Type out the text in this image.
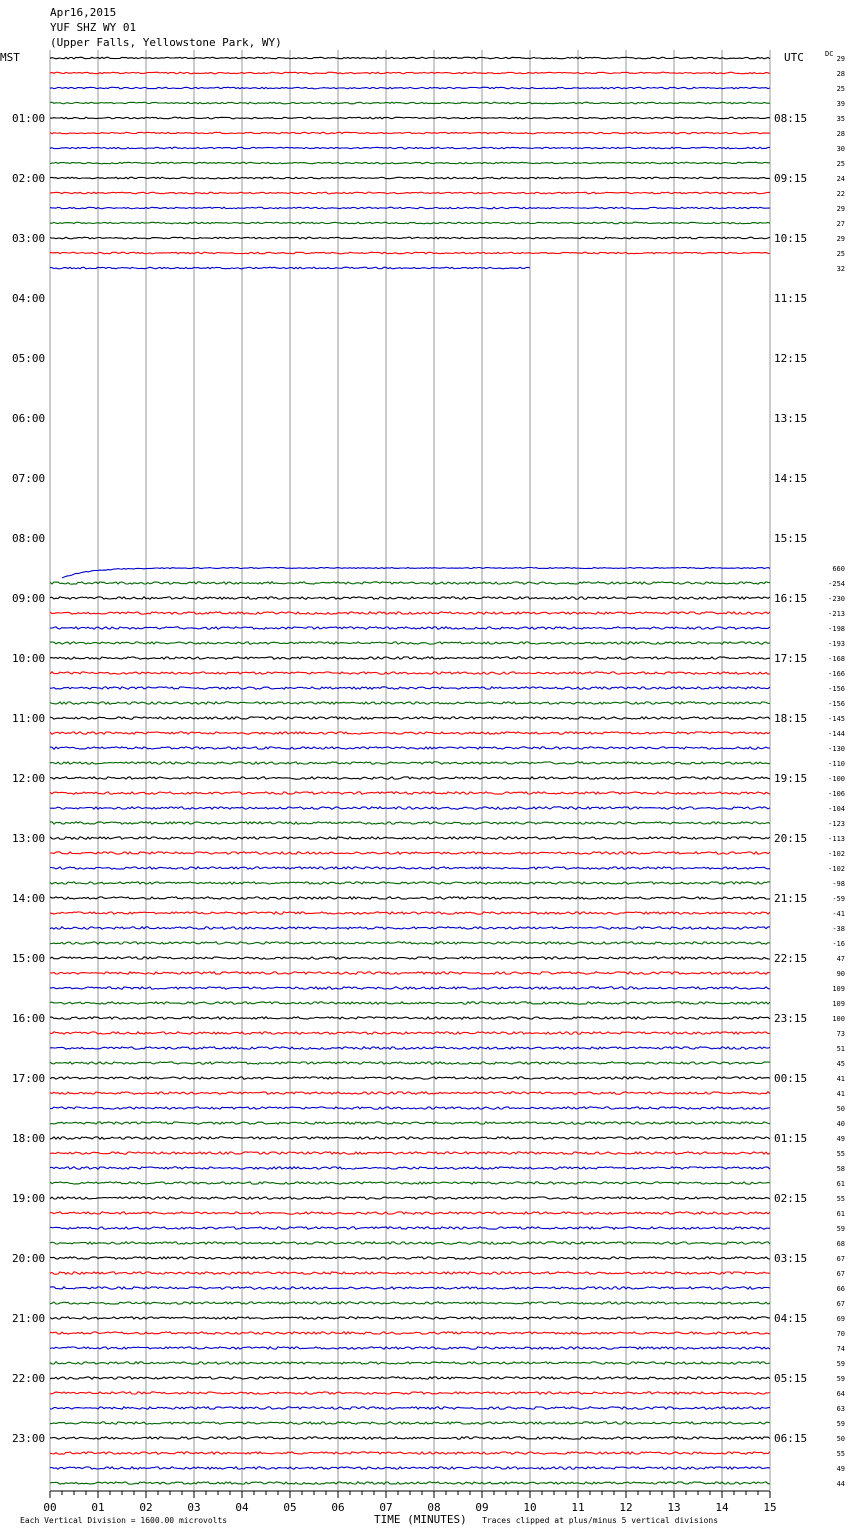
Apr16,2015
YUF SHZ WY 01
(Upper Falls, Yellowstone Park, WY)
MST	UTC	DC
01:00
02:00
03:00
04:00
05:00
06:00
07:00
08:00
09:00
10:00
11:00
12:00
13:00
14:00
15:00
16:00
17:00
18:00
19:00
20:00
21:00
22:00
23:00
08:15
09:15
10:15
11:15
12:15
13:15
14:15
15:15
16:15
17:15
18:15
19:15
20:15
21:15
22:15
23:15
00:15
01:15
02:15
03:15
04:15
05:15
06:15
29
28
25
39
35
28
30
25
24
22
29
27
29
25
32
660
-254
-230
-213
-198
-193
-168
-166
-156
-156
-145
-144
-130
-110
-100
-106
-104
-123
-113
-102
-102
-98
-59
-41
-38
-16
47
90
109
109
100
73
51
45
41
41
50
40
49
55
58
61
55
61
59
68
67
67
66
67
69
70
74
59
59
64
63
59
50
55
49
44
00	01	02	03	04	05	06	07	08	09	10	11	12	13	14	15
Each Vertical Division = 1600.00 microvolts	TIME (MINUTES) Traces clipped at plus/minus 5 vertical divisions
